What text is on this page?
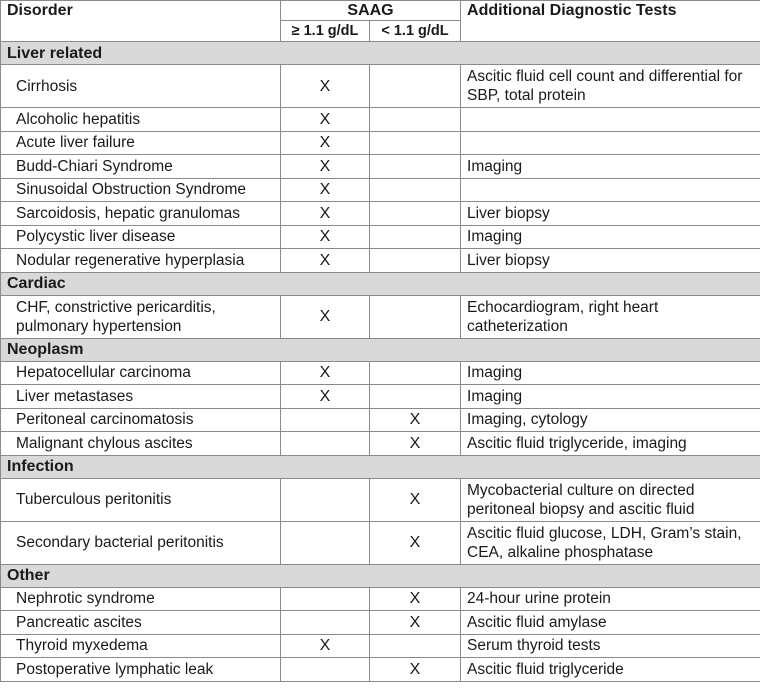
Disorder	SAAG		Additional Diagnostic Tests
	≥ 1.1 g/dL	< 1.1 g/dL	
Liver related			
Cirrhosis	X		Ascitic fluid cell count and differential for SBP, total protein
Alcoholic hepatitis	X		
Acute liver failure	X		
Budd-Chiari Syndrome	X		Imaging
Sinusoidal Obstruction Syndrome	X		
Sarcoidosis, hepatic granulomas	X		Liver biopsy
Polycystic liver disease	X		Imaging
Nodular regenerative hyperplasia	X		Liver biopsy
Cardiac			
CHF, constrictive pericarditis, pulmonary hypertension	X		Echocardiogram, right heart catheterization
Neoplasm			
Hepatocellular carcinoma	X		Imaging
Liver metastases	X		Imaging
Peritoneal carcinomatosis		X	Imaging, cytology
Malignant chylous ascites		X	Ascitic fluid triglyceride, imaging
Infection			
Tuberculous peritonitis		X	Mycobacterial culture on directed peritoneal biopsy and ascitic fluid
Secondary bacterial peritonitis		X	Ascitic fluid glucose, LDH, Gram’s stain, CEA, alkaline phosphatase
Other			
Nephrotic syndrome		X	24-hour urine protein
Pancreatic ascites		X	Ascitic fluid amylase
Thyroid myxedema	X		Serum thyroid tests
Postoperative lymphatic leak		X	Ascitic fluid triglyceride
